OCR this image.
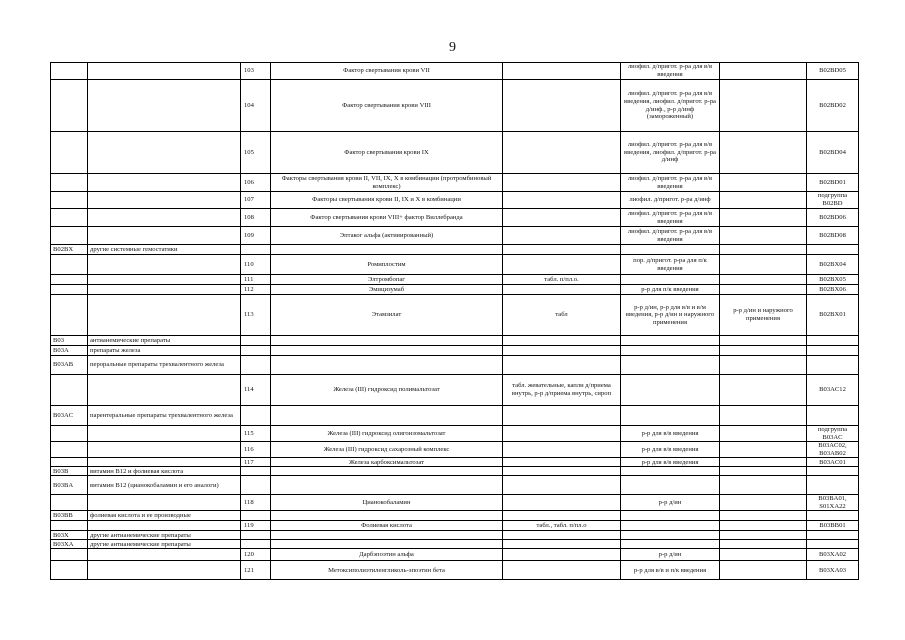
9
		103	Фактор свертывания крови VII		лиофил. д/пригот. р-ра для в/в введения		B02BD05
		104	Фактор свертывания крови VIII		лиофил. д/пригот. р-ра для в/в введения, лиофил. д/пригот. р-ра д/инф., р-р д/инф (замороженный)		B02BD02
		105	Фактор свертывания крови IX		лиофил. д/пригот. р-ра для в/в введения, лиофил. д/пригот. р-ра д/инф		B02BD04
		106	Факторы свертывания крови II, VII, IX, X в комбинации (протромбиновый комплекс)		лиофил. д/пригот. р-ра для в/в введения		B02BD01
		107	Факторы свертывания крови II, IX и X в комбинации		лиофил. д/пригот. р-ра д/инф		подгруппа B02BD
		108	Фактор свертывания крови VIII+ фактор Виллебранда		лиофил. д/пригот. р-ра для в/в введения		B02BD06
		109	Эптаког альфа (активированный)		лиофил. д/пригот. р-ра для в/в введения		B02BD08
B02BX	другие системные гемостатики						
		110	Ромиплостим		пор. д/пригот. р-ра для п/к введения		B02BX04
		111	Элтромбопаг	табл. п/пл.о.			B02BX05
		112	Эмицизумаб		р-р для п/к введения		B02BX06
		113	Этамзилат	табл	р-р д/ин, р-р для в/в и в/м введения, р-р д/ин и наружного применения	р-р д/ин и наружного применения	B02BX01
B03	антианемические препараты						
B03A	препараты железа						
B03AB	пероральные препараты трехвалентного железа						
		114	Железа (III) гидроксид полимальтозат	табл. жевательные, капли д/приема внутрь, р-р д/приема внутрь, сироп			B03AC12
B03AC	парентеральные препараты трехвалентного железа						
		115	Железа (III) гидроксид олигоизомальтозат		р-р для в/в введения		подгруппа B03AC
		116	Железа (III) гидроксид сахарозный комплекс		р-р для в/в введения		B03AC02, B03AB02
		117	Железа карбоксимальтозат		р-р для в/в введения		B03AC01
B03B	витамин B12 и фолиевая кислота						
B03BA	витамин B12 (цианокобаламин и его аналоги)						
		118	Цианокобаламин		р-р д/ин		B03BA01, S01XA22
B03BB	фолиевая кислота и ее производные						
		119	Фолиевая кислота	табл., табл. п/пл.о			B03BB01
B03X	другие антианемические препараты						
B03XA	другие антианемические препараты						
		120	Дарбэпоэтин альфа		р-р д/ин		B03XA02
		121	Метоксиполиэтиленгликоль-эпоэтин бета		р-р для в/в и п/к введения		B03XA03
